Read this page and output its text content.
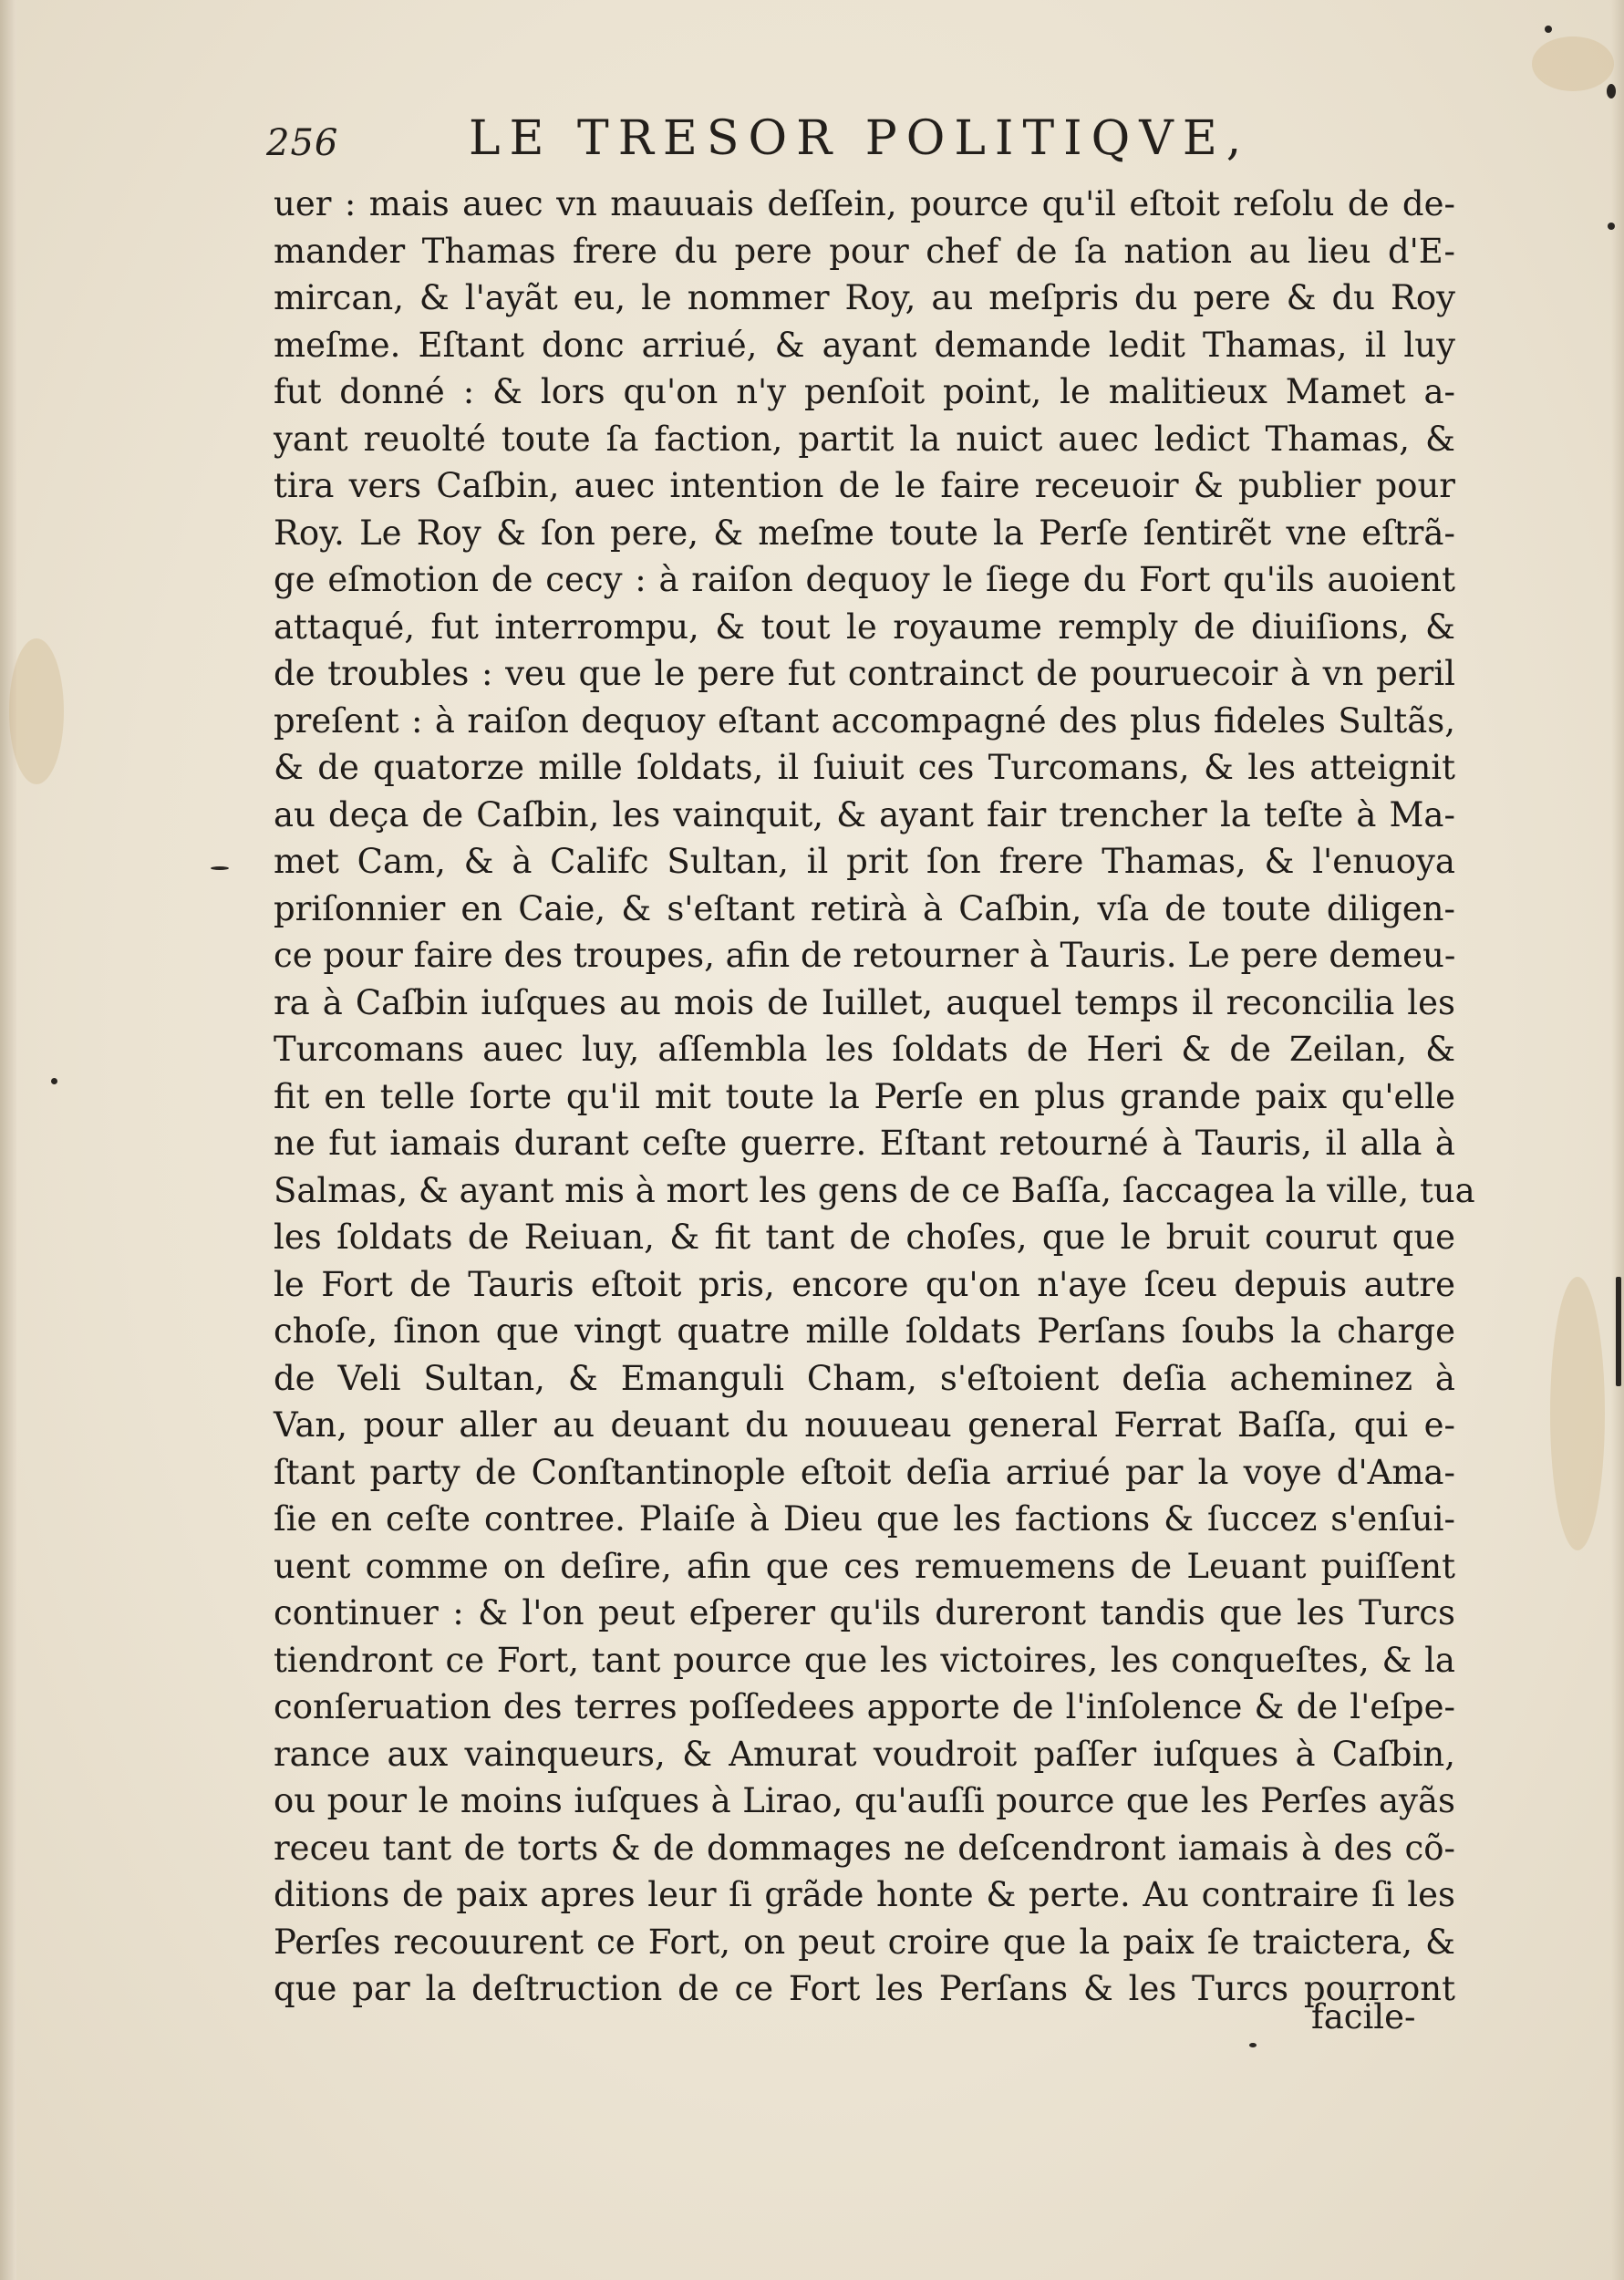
256	LE TRESOR POLITIQVE,
uer : mais auec vn mauuais deſſein, pource qu'il eſtoit reſolu de de-
mander Thamas frere du pere pour chef de ſa nation au lieu d'E-
mircan, & l'ayãt eu, le nommer Roy, au meſpris du pere & du Roy
meſme. Eſtant donc arriué, & ayant demande ledit Thamas, il luy
fut donné : & lors qu'on n'y penſoit point, le malitieux Mamet a-
yant reuolté toute ſa faction, partit la nuict auec ledict Thamas, &
tira vers Caſbin, auec intention de le faire receuoir & publier pour
Roy. Le Roy & ſon pere, & meſme toute la Perſe ſentirẽt vne eſtrã-
ge eſmotion de cecy : à raiſon dequoy le ſiege du Fort qu'ils auoient
attaqué, fut interrompu, & tout le royaume remply de diuiſions, &
de troubles : veu que le pere fut contrainct de pouruecoir à vn peril
preſent : à raiſon dequoy eſtant accompagné des plus fideles Sultãs,
& de quatorze mille ſoldats, il ſuiuit ces Turcomans, & les atteignit
au deça de Caſbin, les vainquit, & ayant fair trencher la teſte à Ma-
met Cam, & à Califc Sultan, il prit ſon frere Thamas, & l'enuoya
priſonnier en Caie, & s'eſtant retirà à Caſbin, vſa de toute diligen-
ce pour faire des troupes, afin de retourner à Tauris. Le pere demeu-
ra à Caſbin iuſques au mois de Iuillet, auquel temps il reconcilia les
Turcomans auec luy, aſſembla les ſoldats de Heri & de Zeilan, &
fit en telle ſorte qu'il mit toute la Perſe en plus grande paix qu'elle
ne fut iamais durant ceſte guerre. Eſtant retourné à Tauris, il alla à
Salmas, & ayant mis à mort les gens de ce Baſſa, ſaccagea la ville, tua
les ſoldats de Reiuan, & fit tant de choſes, que le bruit courut que
le Fort de Tauris eſtoit pris, encore qu'on n'aye ſceu depuis autre
choſe, ſinon que vingt quatre mille ſoldats Perſans ſoubs la charge
de Veli Sultan, & Emanguli Cham, s'eſtoient deſia acheminez à
Van, pour aller au deuant du nouueau general Ferrat Baſſa, qui e-
ſtant party de Conſtantinople eſtoit deſia arriué par la voye d'Ama-
ſie en ceſte contree. Plaiſe à Dieu que les factions & ſuccez s'enſui-
uent comme on deſire, afin que ces remuemens de Leuant puiſſent
continuer : & l'on peut eſperer qu'ils dureront tandis que les Turcs
tiendront ce Fort, tant pource que les victoires, les conqueſtes, & la
conſeruation des terres poſſedees apporte de l'inſolence & de l'eſpe-
rance aux vainqueurs, & Amurat voudroit paſſer iuſques à Caſbin,
ou pour le moins iuſques à Lirao, qu'auſſi pource que les Perſes ayãs
receu tant de torts & de dommages ne deſcendront iamais à des cõ-
ditions de paix apres leur ſi grãde honte & perte. Au contraire ſi les
Perſes recouurent ce Fort, on peut croire que la paix ſe traictera, &
que par la deſtruction de ce Fort les Perſans & les Turcs pourront
facile-
